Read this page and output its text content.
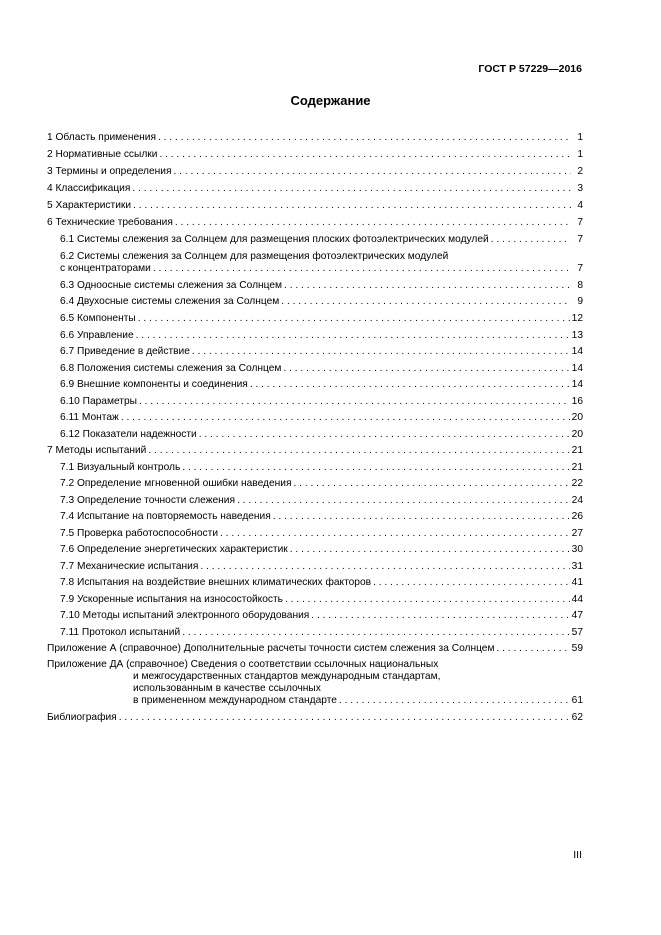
ГОСТ Р 57229—2016
Содержание
1 Область применения . . .	1
2 Нормативные ссылки . . .	1
3 Термины и определения . . .	2
4 Классификация . . .	3
5 Характеристики . . .	4
6 Технические требования . . .	7
6.1 Системы слежения за Солнцем для размещения плоских фотоэлектрических модулей . . .	7
6.2 Системы слежения за Солнцем для размещения фотоэлектрических модулей
с концентраторами . . .	7
6.3 Одноосные системы слежения за Солнцем . . .	8
6.4 Двухосные системы слежения за Солнцем . . .	9
6.5 Компоненты . . .	12
6.6 Управление . . .	13
6.7 Приведение в действие . . .	14
6.8 Положения системы слежения за Солнцем . . .	14
6.9 Внешние компоненты и соединения . . .	14
6.10 Параметры . . .	16
6.11 Монтаж . . .	20
6.12 Показатели надежности . . .	20
7 Методы испытаний . . .	21
7.1 Визуальный контроль . . .	21
7.2 Определение мгновенной ошибки наведения . . .	22
7.3 Определение точности слежения . . .	24
7.4 Испытание на повторяемость наведения . . .	26
7.5 Проверка работоспособности . . .	27
7.6 Определение энергетических характеристик . . .	30
7.7 Механические испытания . . .	31
7.8 Испытания на воздействие внешних климатических факторов . . .	41
7.9 Ускоренные испытания на износостойкость . . .	44
7.10 Методы испытаний электронного оборудования . . .	47
7.11 Протокол испытаний . . .	57
Приложение А (справочное) Дополнительные расчеты точности систем слежения за Солнцем . . .	59
Приложение ДА (справочное) Сведения о соответствии ссылочных национальных
и межгосударственных стандартов международным стандартам,
использованным в качестве ссылочных
в примененном международном стандарте . . .	61
Библиография . . .	62
III
